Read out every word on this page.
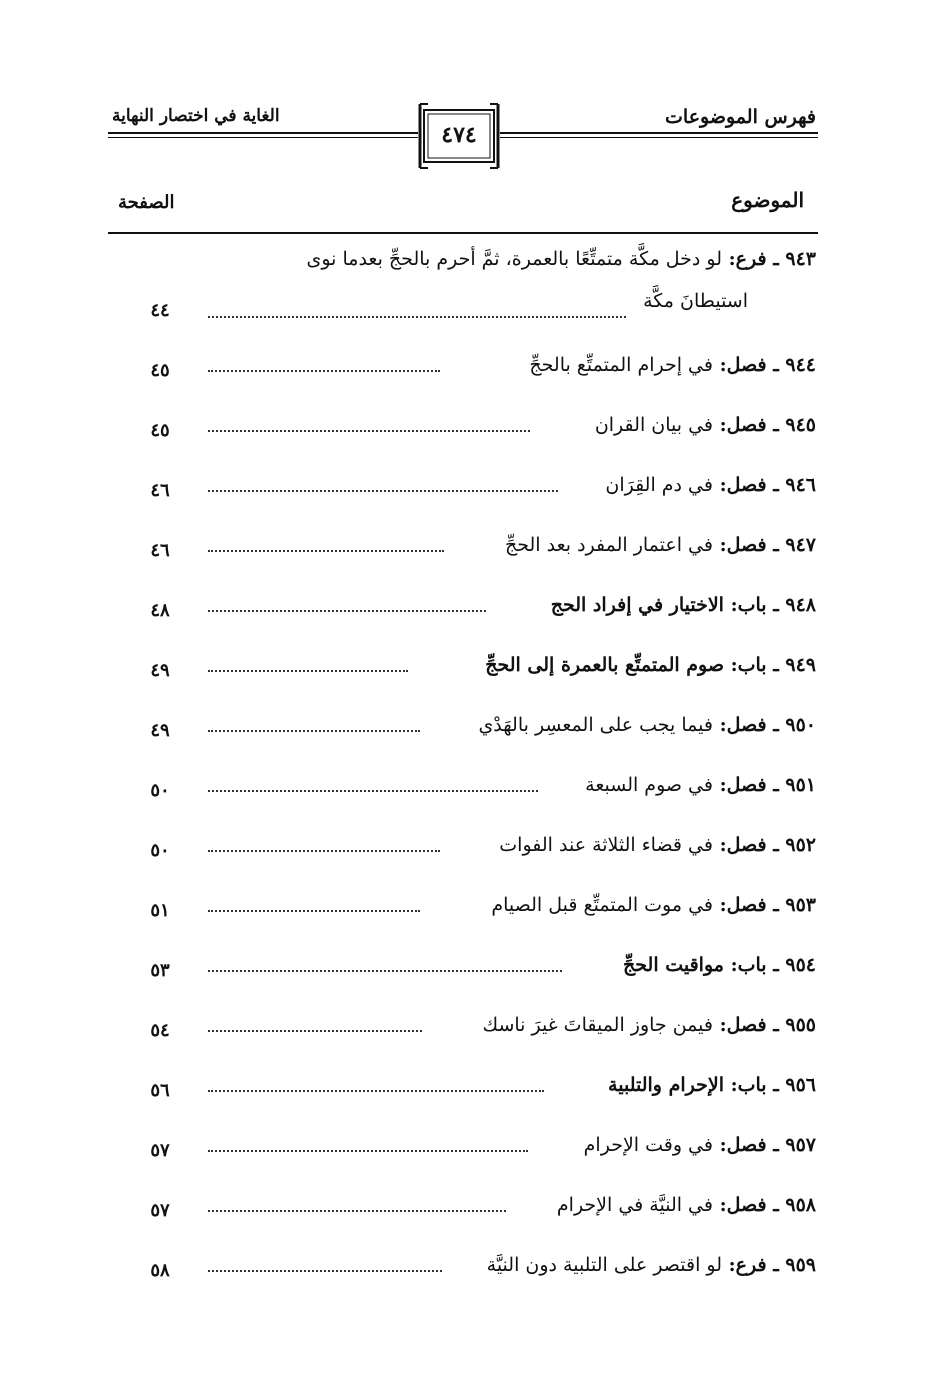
فهرس الموضوعات
الغاية في اختصار النهاية
٤٧٤
الموضوع
الصفحة
٩٤٣ ـ فرع: لو دخل مكَّة متمتِّعًا بالعمرة، ثمَّ أحرم بالحجِّ بعدما نوى
استيطانَ مكَّة
٤٤
٩٤٤ ـ فصل: في إحرام المتمتِّع بالحجِّ
٤٥
٩٤٥ ـ فصل: في بيان القران
٤٥
٩٤٦ ـ فصل: في دم القِرَان
٤٦
٩٤٧ ـ فصل: في اعتمار المفرد بعد الحجِّ
٤٦
٩٤٨ ـ باب: الاختيار في إفراد الحج
٤٨
٩٤٩ ـ باب: صوم المتمتِّع بالعمرة إلى الحجِّ
٤٩
٩٥٠ ـ فصل: فيما يجب على المعسِر بالهَدْي
٤٩
٩٥١ ـ فصل: في صوم السبعة
٥٠
٩٥٢ ـ فصل: في قضاء الثلاثة عند الفوات
٥٠
٩٥٣ ـ فصل: في موت المتمتِّع قبل الصيام
٥١
٩٥٤ ـ باب: مواقيت الحجِّ
٥٣
٩٥٥ ـ فصل: فيمن جاوز الميقاتَ غيرَ ناسك
٥٤
٩٥٦ ـ باب: الإحرام والتلبية
٥٦
٩٥٧ ـ فصل: في وقت الإحرام
٥٧
٩٥٨ ـ فصل: في النيَّة في الإحرام
٥٧
٩٥٩ ـ فرع: لو اقتصر على التلبية دون النيَّة
٥٨
